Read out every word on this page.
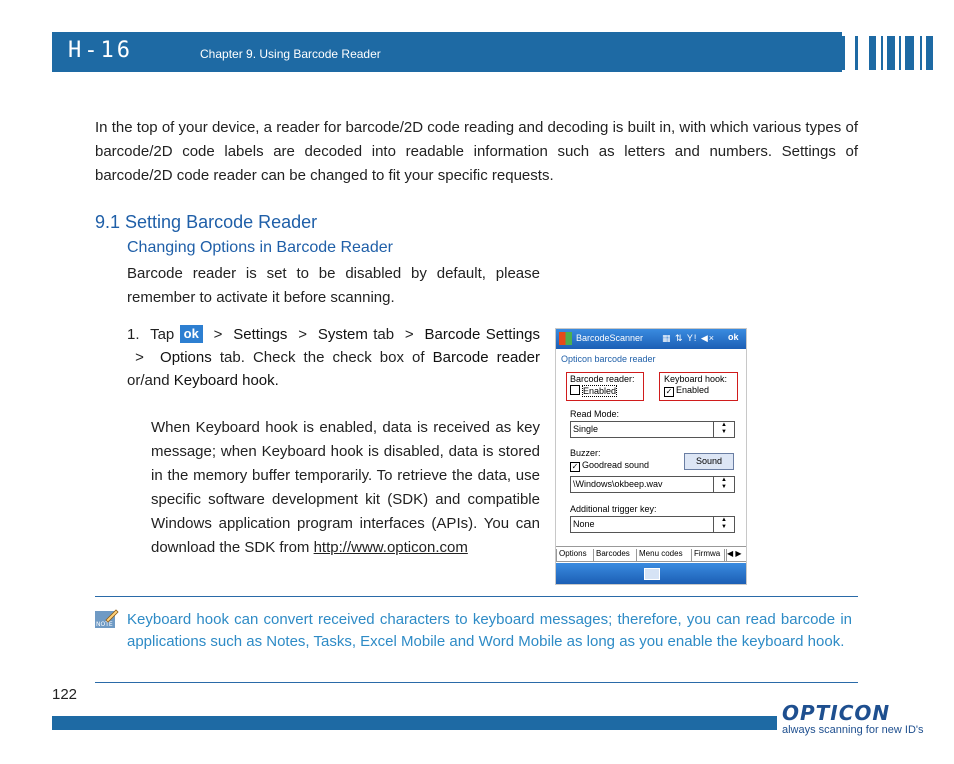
H-16	Chapter 9. Using Barcode Reader
In the top of your device, a reader for barcode/2D code reading and decoding is built in, with which various types of barcode/2D code labels are decoded into readable information such as letters and numbers. Settings of barcode/2D code reader can be changed to fit your specific requests.
9.1 Setting Barcode Reader
Changing Options in Barcode Reader
Barcode reader is set to be disabled by default, please remember to activate it before scanning.
1. Tap ok > Settings > System tab > Barcode Settings  > Options tab. Check the check box of Barcode reader or/and Keyboard hook.
When Keyboard hook is enabled, data is received as key message; when Keyboard hook is disabled, data is stored in the memory buffer temporarily. To retrieve the data, use specific software development kit (SDK) and compatible Windows application program interfaces (APIs). You can download the SDK from http://www.opticon.com
BarcodeScanner ▦ ⇅ Y! ◀× ok
Opticon barcode reader
Barcode reader:
Enabled
Keyboard hook:
✓ Enabled
Read Mode:
Single	▲
▼
Buzzer:
✓ Goodread sound	Sound
\Windows\okbeep.wav	▲
▼
Additional trigger key:
None	▲
▼
Options	Barcodes	Menu codes	Firmwa ◀ ▶
NOTE Keyboard hook can convert received characters to keyboard messages; therefore, you can read barcode in applications such as Notes, Tasks, Excel Mobile and Word Mobile as long as you enable the keyboard hook.
122
OPTICON
always scanning for new ID's
